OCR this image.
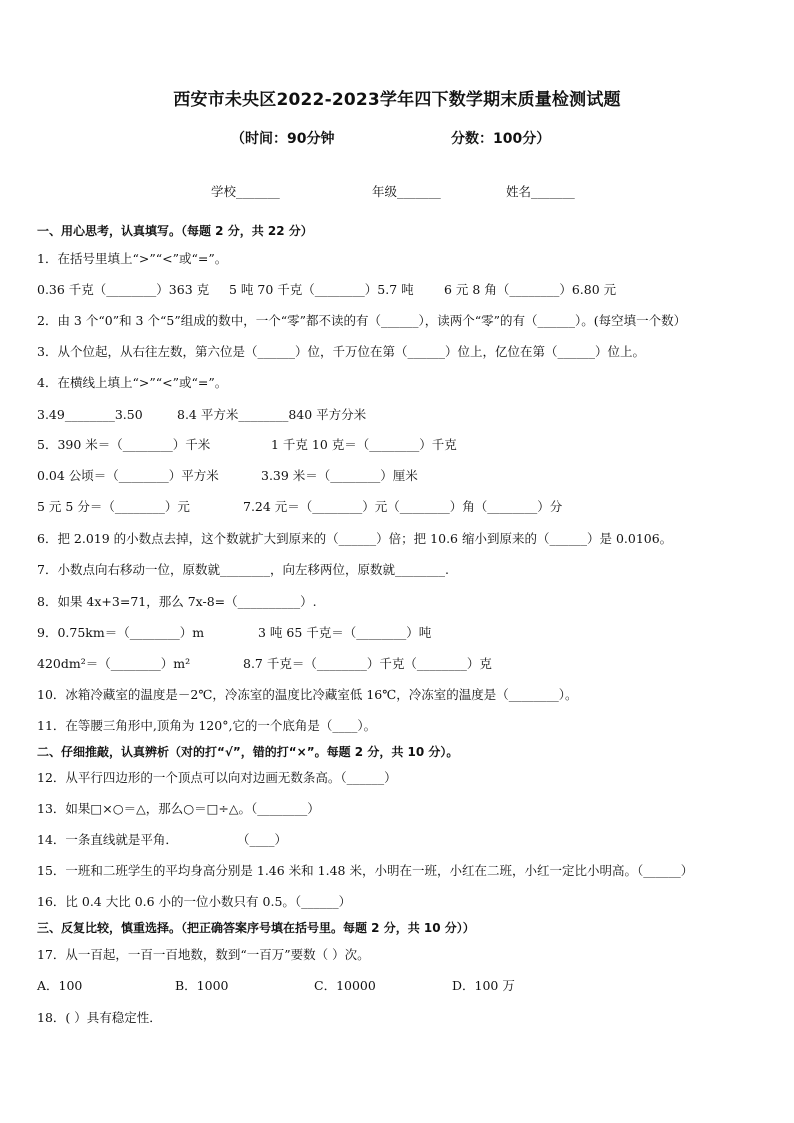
西安市未央区2022-2023学年四下数学期末质量检测试题
（时间：90分钟	分数：100分）
学校_______	年级_______	姓名_______
一、用心思考，认真填写。（每题 2 分，共 22 分）
1．在括号里填上“>”“<”或“=”。
0.36 千克（________）363 克 5 吨 70 千克（________）5.7 吨 6 元 8 角（________）6.80 元
2．由 3 个“0”和 3 个“5”组成的数中，一个“零”都不读的有（______），读两个“零”的有（______）。(每空填一个数）
3．从个位起，从右往左数，第六位是（______）位，千万位在第（______）位上，亿位在第（______）位上。
4．在横线上填上“>”“<”或“=”。
3.49________3.50	8.4 平方米________840 平方分米
5．390 米＝（________）千米	1 千克 10 克＝（________）千克
0.04 公顷＝（________）平方米	3.39 米＝（________）厘米
5 元 5 分＝（________）元	7.24 元＝（________）元（________）角（________）分
6．把 2.019 的小数点去掉，这个数就扩大到原来的（______）倍；把 10.6 缩小到原来的（______）是 0.0106。
7．小数点向右移动一位，原数就________，向左移两位，原数就________.
8．如果 4x+3=71，那么 7x-8=（__________）.
9．0.75km＝（________）m	3 吨 65 千克＝（________）吨
420dm²＝（________）m²	8.7 千克＝（________）千克（________）克
10．冰箱冷藏室的温度是－2℃，冷冻室的温度比冷藏室低 16℃，冷冻室的温度是（________）。
11．在等腰三角形中,顶角为 120°,它的一个底角是（____）。
二、仔细推敲，认真辨析（对的打“√”，错的打“×”。每题 2 分，共 10 分）。
12．从平行四边形的一个顶点可以向对边画无数条高。（______）
13．如果□×○＝△，那么○＝□÷△。（________）
14．一条直线就是平角．	（____）
15．一班和二班学生的平均身高分别是 1.46 米和 1.48 米，小明在一班，小红在二班，小红一定比小明高。（______）
16．比 0.4 大比 0.6 小的一位小数只有 0.5。（______）
三、反复比较，慎重选择。（把正确答案序号填在括号里。每题 2 分，共 10 分））
17．从一百起，一百一百地数，数到“一百万”要数（ ）次。
A．100	B．1000	C．10000	D．100 万
18．( ）具有稳定性．
